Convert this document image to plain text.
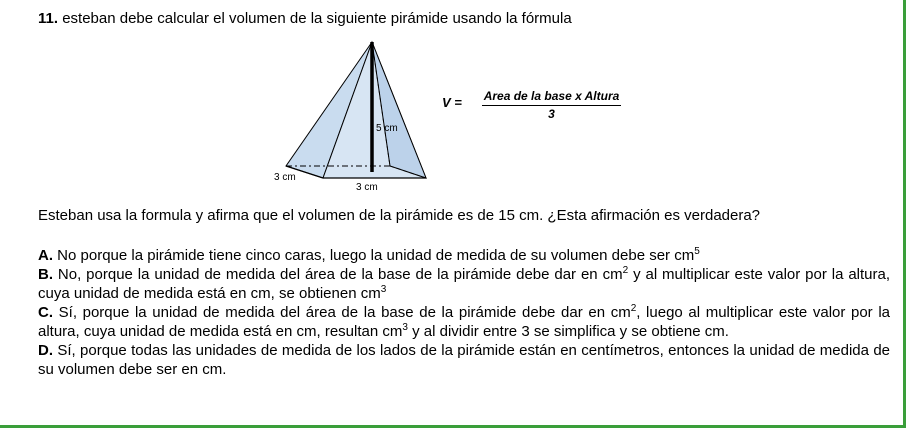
11. esteban debe calcular el volumen de la siguiente pirámide usando la fórmula
5 cm
3 cm
3 cm
V =	Area de la base x Altura
3
Esteban usa la formula y afirma que el volumen de la pirámide es de 15 cm. ¿Esta afirmación es verdadera?
A. No porque la pirámide tiene cinco caras, luego la unidad de medida de su volumen debe ser $cm^5$
B. No, porque la unidad de medida del área de la base de la pirámide debe dar en $cm^2$ y al multiplicar este valor por la altura, cuya unidad de medida está en cm, se obtienen $cm^3$
C. Sí, porque la unidad de medida del área de la base de la pirámide debe dar en $cm^2$, luego al multiplicar este valor por la altura, cuya unidad de medida está en cm, resultan $cm^3$ y al dividir entre 3 se simplifica y se obtiene cm.
D. Sí, porque todas las unidades de medida de los lados de la pirámide están en centímetros, entonces la unidad de medida de su volumen debe ser en cm.
